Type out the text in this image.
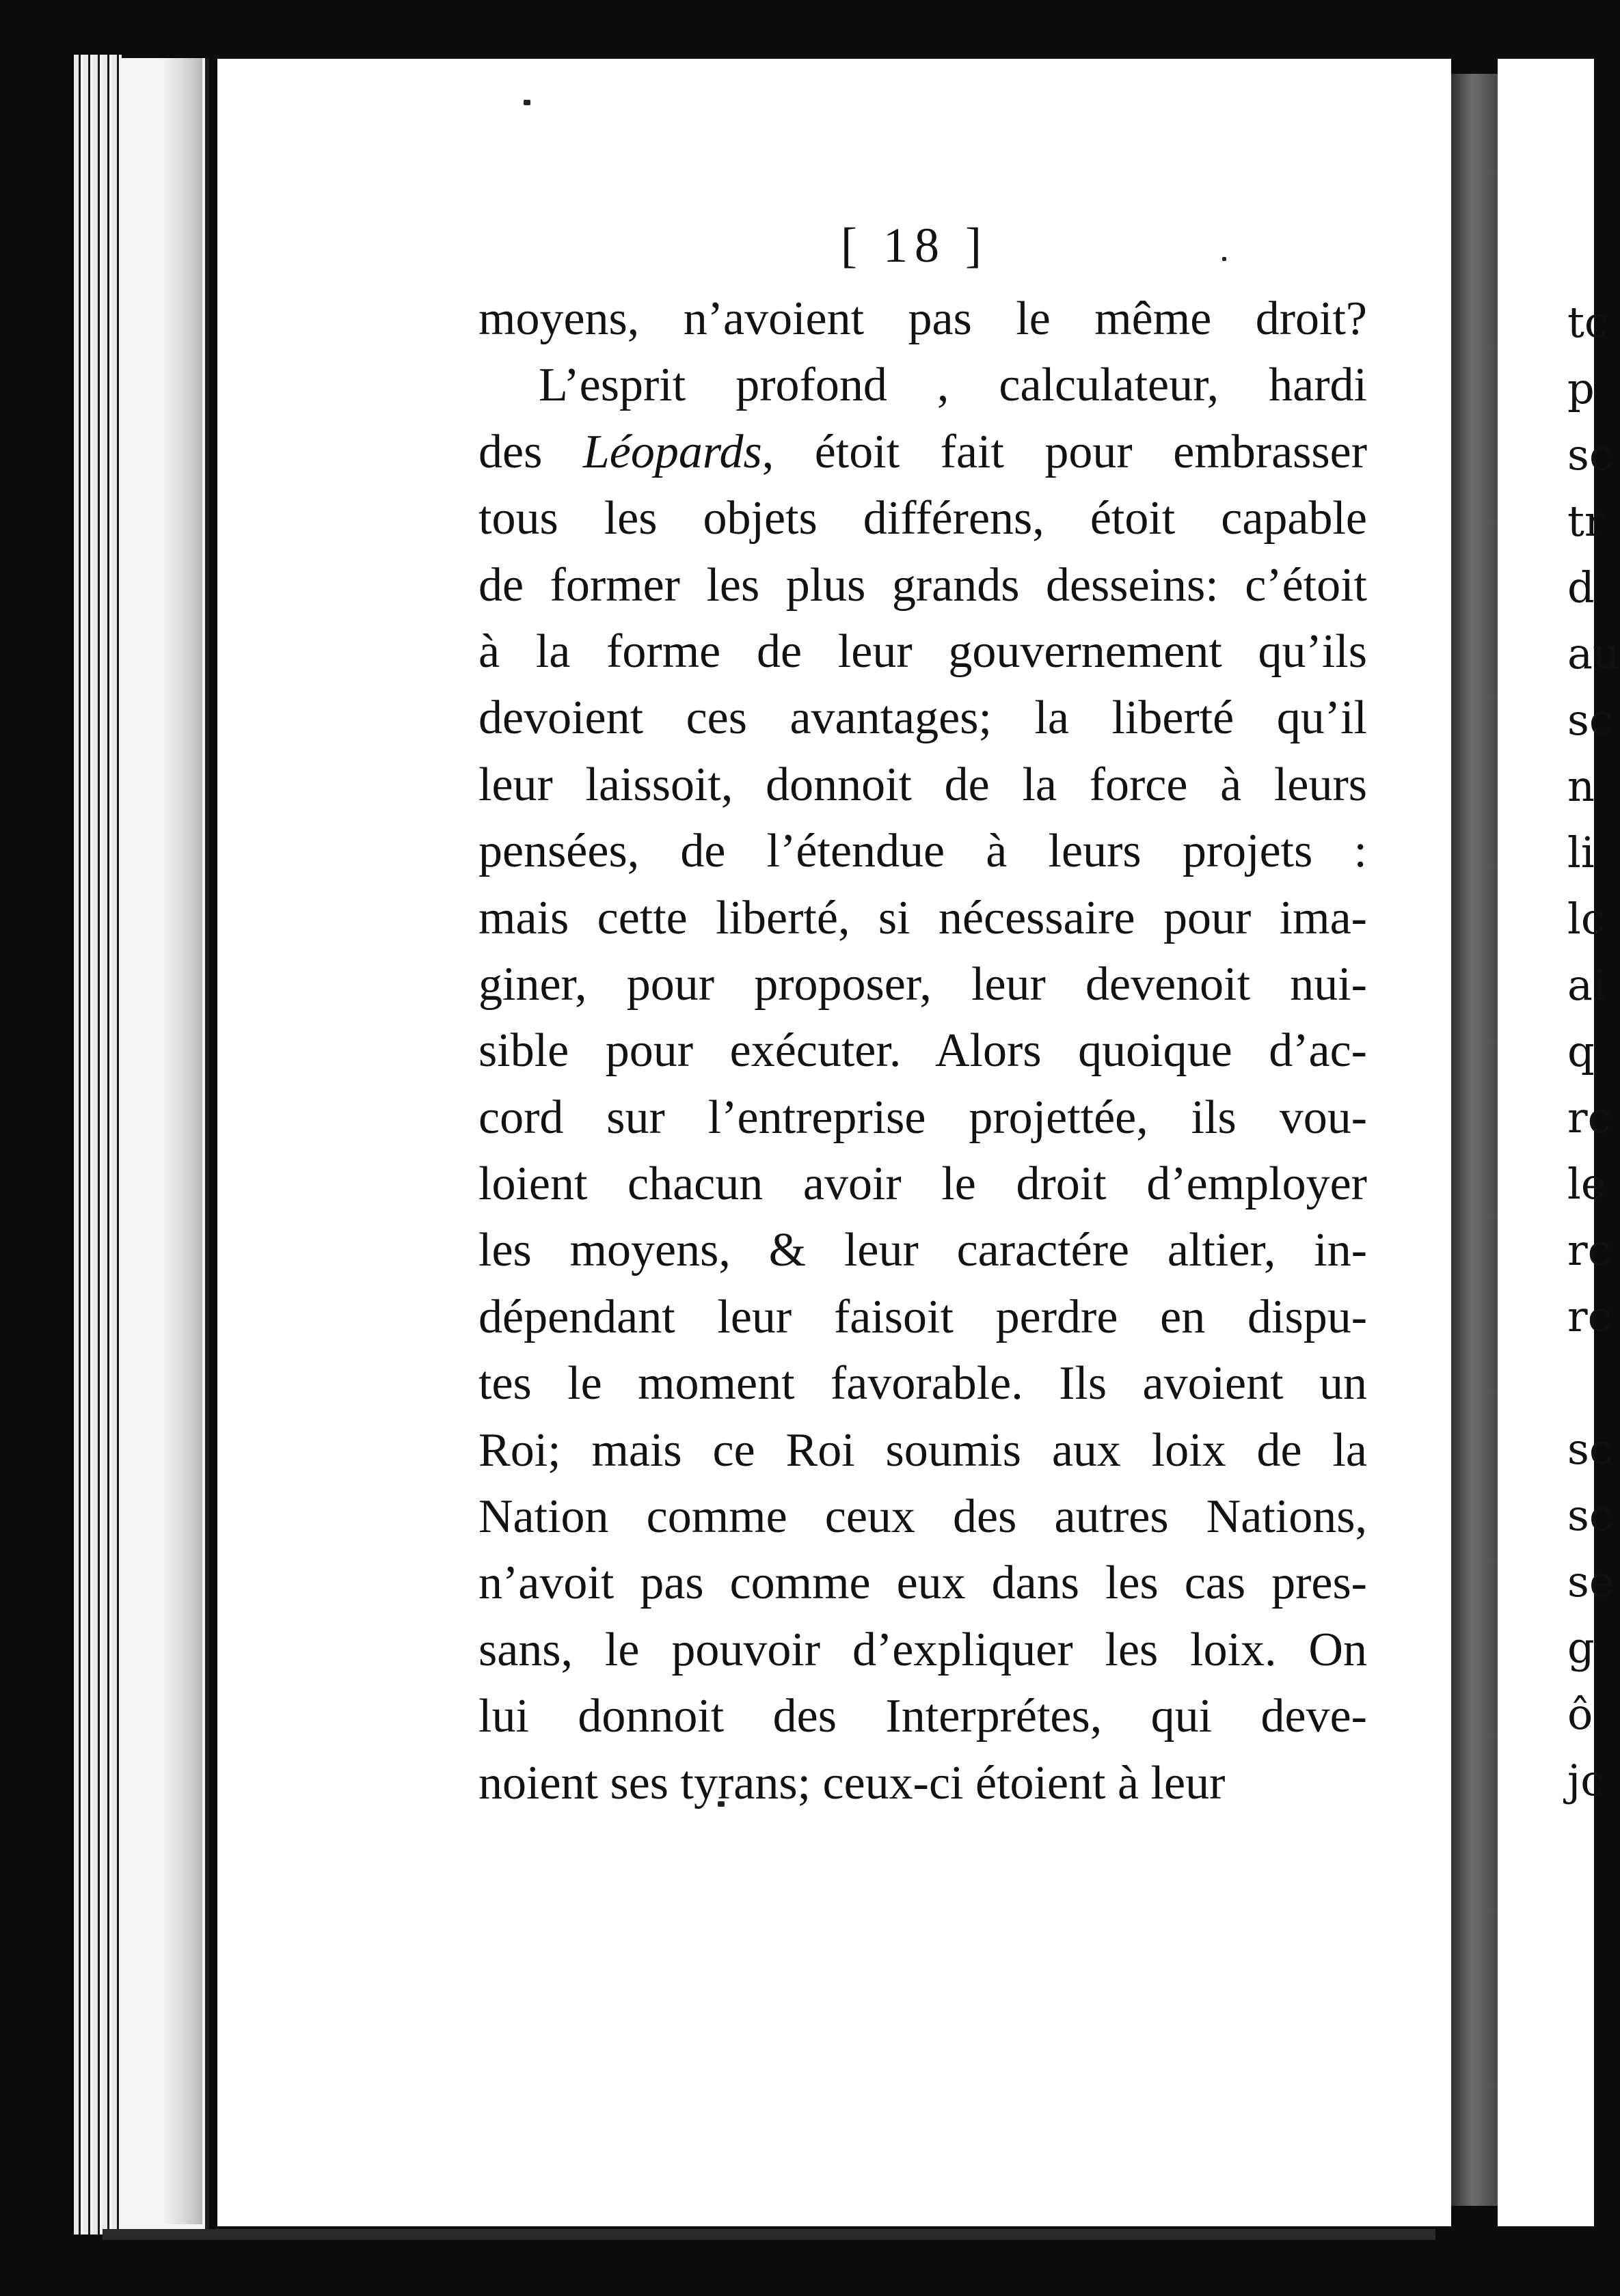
[ 18 ]
moyens, n’avoient pas le même droit?
L’esprit profond , calculateur, hardi
des Léopards, étoit fait pour embrasser
tous les objets différens, étoit capable
de former les plus grands desseins: c’étoit
à la forme de leur gouvernement qu’ils
devoient ces avantages; la liberté qu’il
leur laissoit, donnoit de la force à leurs
pensées, de l’étendue à leurs projets :
mais cette liberté, si nécessaire pour ima-
giner, pour proposer, leur devenoit nui-
sible pour exécuter. Alors quoique d’ac-
cord sur l’entreprise projettée, ils vou-
loient chacun avoir le droit d’employer
les moyens, & leur caractére altier, in-
dépendant leur faisoit perdre en dispu-
tes le moment favorable. Ils avoient un
Roi; mais ce Roi soumis aux loix de la
Nation comme ceux des autres Nations,
n’avoit pas comme eux dans les cas pres-
sans, le pouvoir d’expliquer les loix. On
lui donnoit des Interprétes, qui deve-
noient ses tyrans; ceux-ci étoient à leur
tc
p
sc
tr
d
au
sc
n
li
lc
ai
q
rc
le
rc
rc
sc
sc
se
g
ô
jc
